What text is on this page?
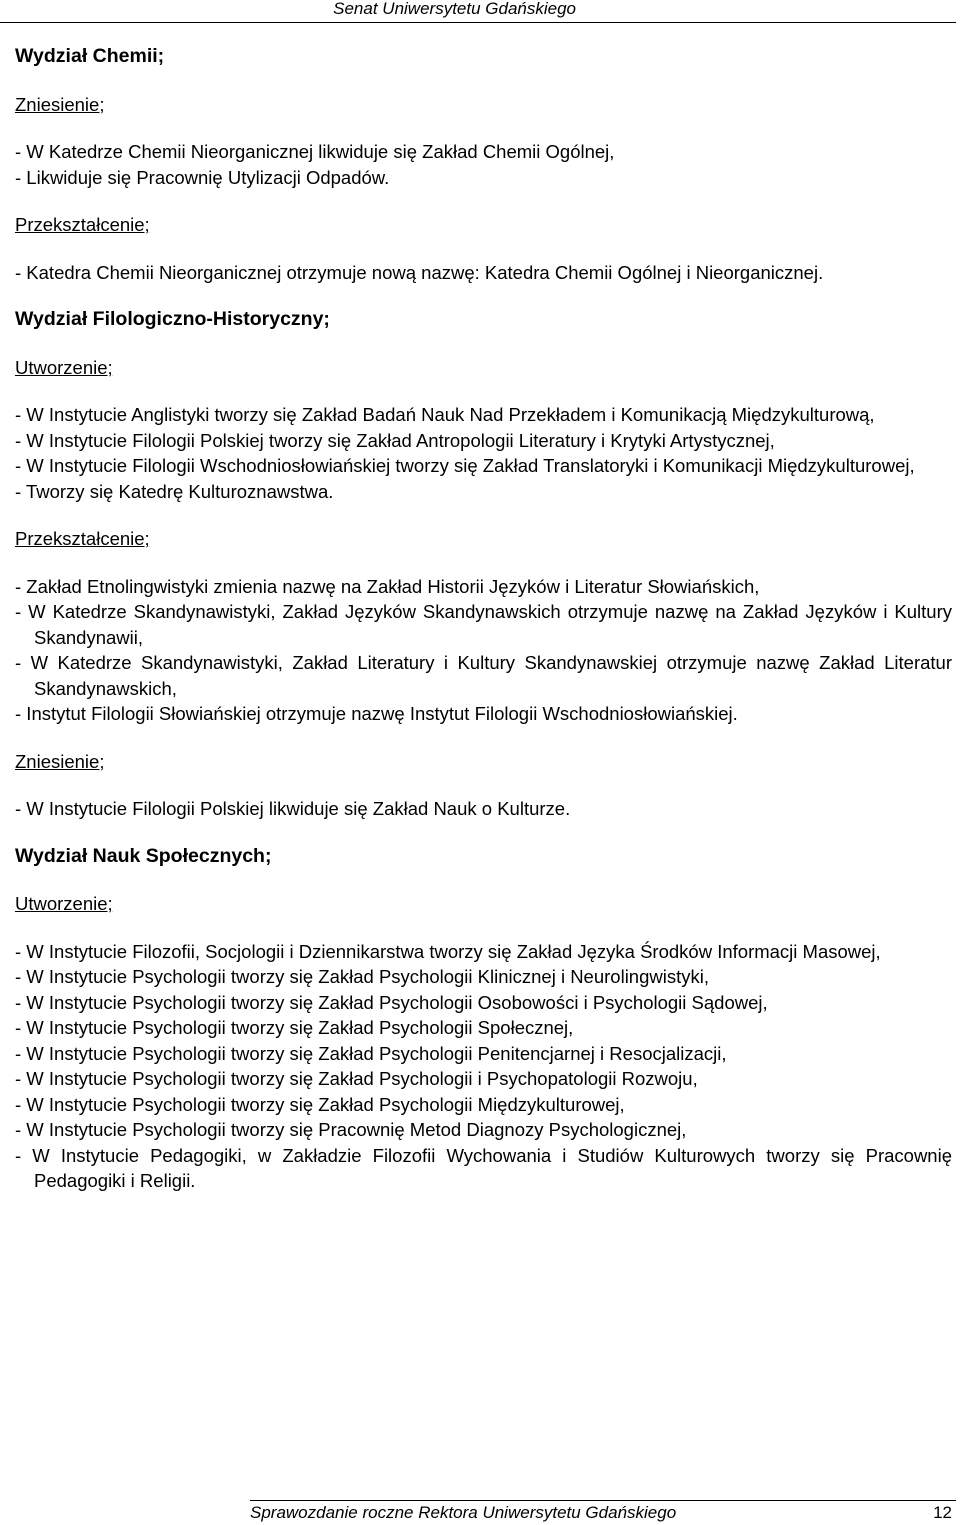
Senat Uniwersytetu Gdańskiego
Wydział Chemii;
Zniesienie;
- W Katedrze Chemii Nieorganicznej likwiduje się Zakład Chemii Ogólnej,
- Likwiduje się Pracownię Utylizacji Odpadów.
Przekształcenie;
- Katedra Chemii Nieorganicznej otrzymuje nową nazwę: Katedra Chemii Ogólnej i Nieorganicznej.
Wydział Filologiczno-Historyczny;
Utworzenie;
- W Instytucie Anglistyki tworzy się Zakład Badań Nauk Nad Przekładem i Komunikacją Międzykulturową,
- W Instytucie Filologii Polskiej tworzy się Zakład Antropologii Literatury i Krytyki Artystycznej,
- W Instytucie Filologii Wschodniosłowiańskiej tworzy się Zakład Translatoryki i Komunikacji Międzykulturowej,
- Tworzy się Katedrę Kulturoznawstwa.
Przekształcenie;
- Zakład Etnolingwistyki zmienia nazwę na Zakład Historii Języków i Literatur Słowiańskich,
- W Katedrze Skandynawistyki, Zakład Języków Skandynawskich otrzymuje nazwę na Zakład Języków i Kultury Skandynawii,
- W Katedrze Skandynawistyki, Zakład Literatury i Kultury Skandynawskiej otrzymuje nazwę Zakład Literatur Skandynawskich,
- Instytut Filologii Słowiańskiej otrzymuje nazwę Instytut Filologii Wschodniosłowiańskiej.
Zniesienie;
- W Instytucie Filologii Polskiej likwiduje się Zakład Nauk o Kulturze.
Wydział Nauk Społecznych;
Utworzenie;
- W Instytucie Filozofii, Socjologii i Dziennikarstwa tworzy się Zakład Języka Środków Informacji Masowej,
- W Instytucie Psychologii tworzy się Zakład Psychologii Klinicznej i Neurolingwistyki,
- W Instytucie Psychologii tworzy się Zakład Psychologii Osobowości i Psychologii Sądowej,
- W Instytucie Psychologii tworzy się Zakład Psychologii Społecznej,
- W Instytucie Psychologii tworzy się Zakład Psychologii Penitencjarnej i Resocjalizacji,
- W Instytucie Psychologii tworzy się Zakład Psychologii i Psychopatologii Rozwoju,
- W Instytucie Psychologii tworzy się Zakład Psychologii Międzykulturowej,
- W Instytucie Psychologii tworzy się Pracownię Metod Diagnozy Psychologicznej,
- W Instytucie Pedagogiki, w Zakładzie Filozofii Wychowania i Studiów Kulturowych tworzy się Pracownię Pedagogiki i Religii.
Sprawozdanie roczne Rektora Uniwersytetu Gdańskiego	12
